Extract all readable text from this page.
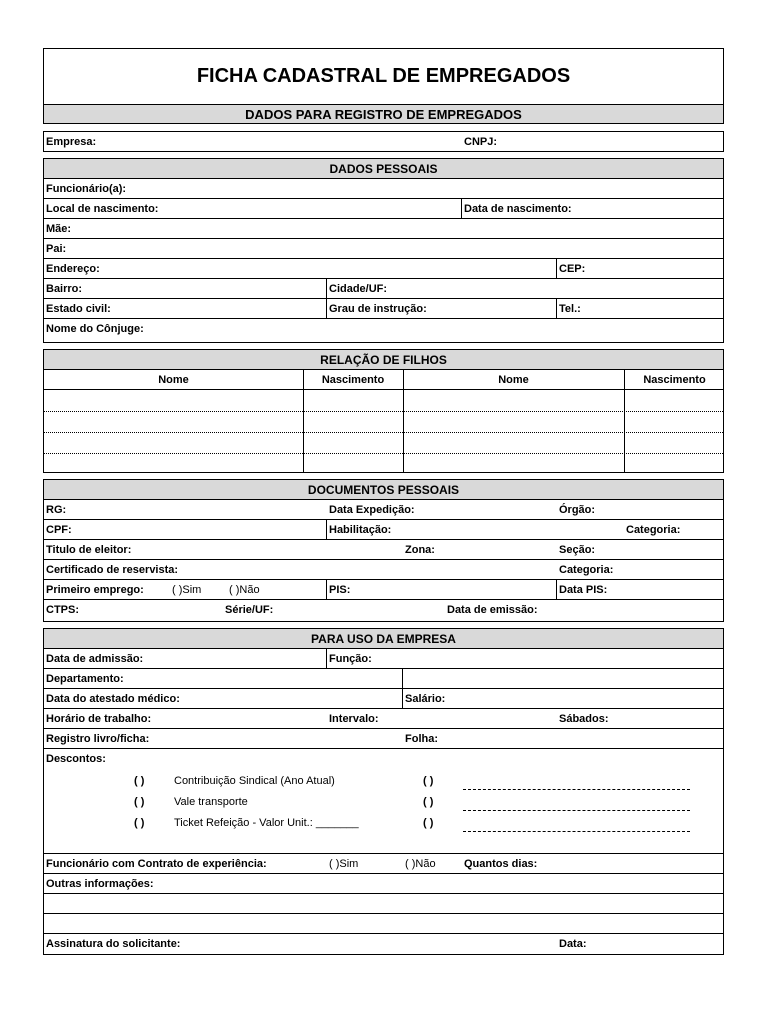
FICHA CADASTRAL DE EMPREGADOS
DADOS PARA REGISTRO DE EMPREGADOS
Empresa:	CNPJ:
DADOS PESSOAIS
Funcionário(a):
Local de nascimento:	Data de nascimento:
Mãe:
Pai:
Endereço:	CEP:
Bairro:	Cidade/UF:
Estado civil:	Grau de instrução:	Tel.:
Nome do Cônjuge:
RELAÇÃO DE FILHOS
Nome	Nascimento	Nome	Nascimento
DOCUMENTOS PESSOAIS
RG:	Data Expedição:	Órgão:
CPF:	Habilitação:	Categoria:
Titulo de eleitor:	Zona:	Seção:
Certificado de reservista:	Categoria:
Primeiro emprego:	( )Sim	( )Não	PIS:	Data PIS:
CTPS:	Série/UF:	Data de emissão:
PARA USO DA EMPRESA
Data de admissão:	Função:
Departamento:
Data do atestado médico:	Salário:
Horário de trabalho:	Intervalo:	Sábados:
Registro livro/ficha:	Folha:
Descontos:
( )	Contribuição Sindical (Ano Atual)	( )
( )	Vale transporte	( )
( )	Ticket Refeição - Valor Unit.: _______	( )
Funcionário com Contrato de experiência:	( )Sim	( )Não	Quantos dias:
Outras informações:
Assinatura do solicitante:	Data:
